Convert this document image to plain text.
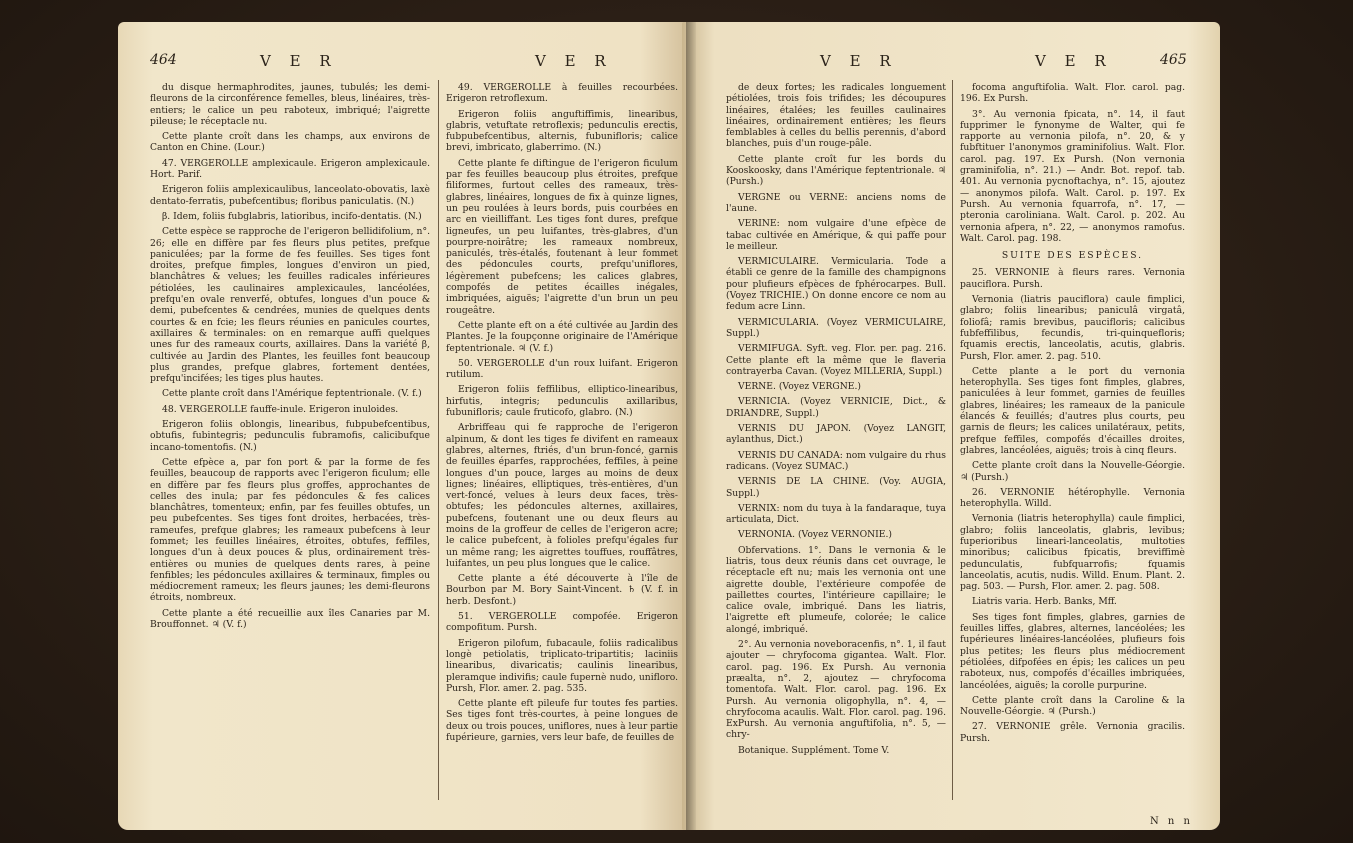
464	V E R	V E R	V E R	V E R	465

du disque hermaphrodites, jaunes, tubulés; les demi-fleurons de la circonférence femelles, bleus, linéaires, très-entiers; le calice un peu raboteux, imbriqué; l'aigrette pileuse; le réceptacle nu.

Cette plante croît dans les champs, aux environs de Canton en Chine. (Lour.)

47. VERGEROLLE amplexicaule. Erigeron amplexicaule. Hort. Parif.

Erigeron foliis amplexicaulibus, lanceolato-obovatis, laxè dentato-ferratis, pubefcentibus; floribus paniculatis. (N.)

β. Idem, foliis fubglabris, latioribus, incifo-dentatis. (N.)

Cette espèce se rapproche de l'erigeron bellidifolium, n°. 26; elle en diffère par fes fleurs plus petites, prefque paniculées; par la forme de fes feuilles. Ses tiges font droites, prefque fimples, longues d'environ un pied, blanchâtres & velues; les feuilles radicales inférieures pétiolées, les caulinaires amplexicaules, lancéolées, prefqu'en ovale renverfé, obtufes, longues d'un pouce & demi, pubefcentes & cendrées, munies de quelques dents courtes & en fcie; les fleurs réunies en panicules courtes, axillaires & terminales: on en remarque auffi quelques unes fur des rameaux courts, axillaires. Dans la variété β, cultivée au Jardin des Plantes, les feuilles font beaucoup plus grandes, prefque glabres, fortement dentées, prefqu'incifées; les tiges plus hautes.

Cette plante croît dans l'Amérique feptentrionale. (V. f.)

48. VERGEROLLE fauffe-inule. Erigeron inuloides.

Erigeron foliis oblongis, linearibus, fubpubefcentibus, obtufis, fubintegris; pedunculis fubramofis, calicibufque incano-tomentofis. (N.)

Cette efpèce a, par fon port & par la forme de fes feuilles, beaucoup de rapports avec l'erigeron ficulum; elle en diffère par fes fleurs plus groffes, approchantes de celles des inula; par fes pédoncules & fes calices blanchâtres, tomenteux; enfin, par fes feuilles obtufes, un peu pubefcentes. Ses tiges font droites, herbacées, très-rameufes, prefque glabres; les rameaux pubefcens à leur fommet; les feuilles linéaires, étroites, obtufes, feffiles, longues d'un à deux pouces & plus, ordinairement très-entières ou munies de quelques dents rares, à peine fenfibles; les pédoncules axillaires & terminaux, fimples ou médiocrement rameux; les fleurs jaunes; les demi-fleurons étroits, nombreux.

Cette plante a été recueillie aux îles Canaries par M. Brouffonnet. ♃ (V. f.)

49. VERGEROLLE à feuilles recourbées. Erigeron retroflexum.

Erigeron foliis anguftiffimis, linearibus, glabris, vetuftate retroflexis; pedunculis erectis, fubpubefcentibus, alternis, fubunifloris; calice brevi, imbricato, glaberrimo. (N.)

Cette plante fe diftingue de l'erigeron ficulum par fes feuilles beaucoup plus étroites, prefque filiformes, furtout celles des rameaux, très-glabres, linéaires, longues de fix à quinze lignes, un peu roulées à leurs bords, puis courbées en arc en vieilliffant. Les tiges font dures, prefque ligneufes, un peu luifantes, très-glabres, d'un pourpre-noirâtre; les rameaux nombreux, paniculés, très-étalés, foutenant à leur fommet des pédoncules courts, prefqu'uniflores, légèrement pubefcens; les calices glabres, compofés de petites écailles inégales, imbriquées, aiguës; l'aigrette d'un brun un peu rougeâtre.

Cette plante eft on a été cultivée au Jardin des Plantes. Je la foupçonne originaire de l'Amérique feptentrionale. ♃ (V. f.)

50. VERGEROLLE d'un roux luifant. Erigeron rutilum.

Erigeron foliis feffilibus, elliptico-linearibus, hirfutis, integris; pedunculis axillaribus, fubunifloris; caule fruticofo, glabro. (N.)

Arbriffeau qui fe rapproche de l'erigeron alpinum, & dont les tiges fe divifent en rameaux glabres, alternes, ftriés, d'un brun-foncé, garnis de feuilles éparfes, rapprochées, feffiles, à peine longues d'un pouce, larges au moins de deux lignes; linéaires, elliptiques, très-entières, d'un vert-foncé, velues à leurs deux faces, très-obtufes; les pédoncules alternes, axillaires, pubefcens, foutenant une ou deux fleurs au moins de la groffeur de celles de l'erigeron acre; le calice pubefcent, à folioles prefqu'égales fur un même rang; les aigrettes touffues, rouffâtres, luifantes, un peu plus longues que le calice.

Cette plante a été découverte à l'île de Bourbon par M. Bory Saint-Vincent. ♄ (V. f. in herb. Desfont.)

51. VERGEROLLE compofée. Erigeron compofitum. Pursh.

Erigeron pilofum, fubacaule, foliis radicalibus longè petiolatis, triplicato-tripartitis; laciniis linearibus, divaricatis; caulinis linearibus, pleramque indivifis; caule fupernè nudo, unifloro. Pursh, Flor. amer. 2. pag. 535.

Cette plante eft pileufe fur toutes fes parties. Ses tiges font très-courtes, à peine longues de deux ou trois pouces, uniflores, nues à leur partie fupérieure, garnies, vers leur bafe, de feuilles de

de deux fortes; les radicales longuement pétiolées, trois fois trifides; les découpures linéaires, étalées; les feuilles caulinaires linéaires, ordinairement entières; les fleurs femblables à celles du bellis perennis, d'abord blanches, puis d'un rouge-pâle.

Cette plante croît fur les bords du Kooskoosky, dans l'Amérique feptentrionale. ♃ (Pursh.)

VERGNE ou VERNE: anciens noms de l'aune.

VERINE: nom vulgaire d'une efpèce de tabac cultivée en Amérique, & qui paffe pour le meilleur.

VERMICULAIRE. Vermicularia. Tode a établi ce genre de la famille des champignons pour plufieurs efpèces de fphérocarpes. Bull. (Voyez TRICHIE.) On donne encore ce nom au fedum acre Linn.

VERMICULARIA. (Voyez VERMICULAIRE, Suppl.)

VERMIFUGA. Syft. veg. Flor. per. pag. 216. Cette plante eft la même que le flaveria contrayerba Cavan. (Voyez MILLERIA, Suppl.)

VERNE. (Voyez VERGNE.)

VERNICIA. (Voyez VERNICIE, Dict., & DRIANDRE, Suppl.)

VERNIS DU JAPON. (Voyez LANGIT, aylanthus, Dict.)

VERNIS DU CANADA: nom vulgaire du rhus radicans. (Voyez SUMAC.)

VERNIS DE LA CHINE. (Voy. AUGIA, Suppl.)

VERNIX: nom du tuya à la fandaraque, tuya articulata, Dict.

VERNONIA. (Voyez VERNONIE.)

Obfervations. 1°. Dans le vernonia & le liatris, tous deux réunis dans cet ouvrage, le réceptacle eft nu; mais les vernonia ont une aigrette double, l'extérieure compofée de paillettes courtes, l'intérieure capillaire; le calice ovale, imbriqué. Dans les liatris, l'aigrette eft plumeufe, colorée; le calice alongé, imbriqué.

2°. Au vernonia noveboracenfis, n°. 1, il faut ajouter — chryfocoma gigantea. Walt. Flor. carol. pag. 196. Ex Pursh. Au vernonia præalta, n°. 2, ajoutez — chryfocoma tomentofa. Walt. Flor. carol. pag. 196. Ex Pursh. Au vernonia oligophylla, n°. 4, — chryfocoma acaulis. Walt. Flor. carol. pag. 196. ExPursh. Au vernonia anguftifolia, n°. 5, — chry-

Botanique. Supplément. Tome V.

focoma anguftifolia. Walt. Flor. carol. pag. 196. Ex Pursh.

3°. Au vernonia fpicata, n°. 14, il faut fupprimer le fynonyme de Walter, qui fe rapporte au vernonia pilofa, n°. 20, & y fubftituer l'anonymos graminifolius. Walt. Flor. carol. pag. 197. Ex Pursh. (Non vernonia graminifolia, n°. 21.) — Andr. Bot. repof. tab. 401. Au vernonia pycnoftachya, n°. 15, ajoutez — anonymos pilofa. Walt. Carol. p. 197. Ex Pursh. Au vernonia fquarrofa, n°. 17, — pteronia caroliniana. Walt. Carol. p. 202. Au vernonia afpera, n°. 22, — anonymos ramofus. Walt. Carol. pag. 198.

SUITE DES ESPÈCES.

25. VERNONIE à fleurs rares. Vernonia pauciflora. Pursh.

Vernonia (liatris pauciflora) caule fimplici, glabro; foliis linearibus; paniculâ virgatâ, foliofâ; ramis brevibus, paucifloris; calicibus fubfeffilibus, fecundis, tri-quinquefloris; fquamis erectis, lanceolatis, acutis, glabris. Pursh, Flor. amer. 2. pag. 510.

Cette plante a le port du vernonia heterophylla. Ses tiges font fimples, glabres, paniculées à leur fommet, garnies de feuilles glabres, linéaires; les rameaux de la panicule élancés & feuillés; d'autres plus courts, peu garnis de fleurs; les calices unilatéraux, petits, prefque feffiles, compofés d'écailles droites, glabres, lancéolées, aiguës; trois à cinq fleurs.

Cette plante croît dans la Nouvelle-Géorgie. ♃ (Pursh.)

26. VERNONIE hétérophylle. Vernonia heterophylla. Willd.

Vernonia (liatris heterophylla) caule fimplici, glabro; foliis lanceolatis, glabris, levibus; fuperioribus lineari-lanceolatis, multoties minoribus; calicibus fpicatis, breviffimè pedunculatis, fubfquarrofis; fquamis lanceolatis, acutis, nudis. Willd. Enum. Plant. 2. pag. 503. — Pursh, Flor. amer. 2. pag. 508.

Liatris varia. Herb. Banks, Mff.

Ses tiges font fimples, glabres, garnies de feuilles liffes, glabres, alternes, lancéolées; les fupérieures linéaires-lancéolées, plufieurs fois plus petites; les fleurs plus médiocrement pétiolées, difpofées en épis; les calices un peu raboteux, nus, compofés d'écailles imbriquées, lancéolées, aiguës; la corolle purpurine.

Cette plante croît dans la Caroline & la Nouvelle-Géorgie. ♃ (Pursh.)

27. VERNONIE grêle. Vernonia gracilis. Pursh.

N n n
